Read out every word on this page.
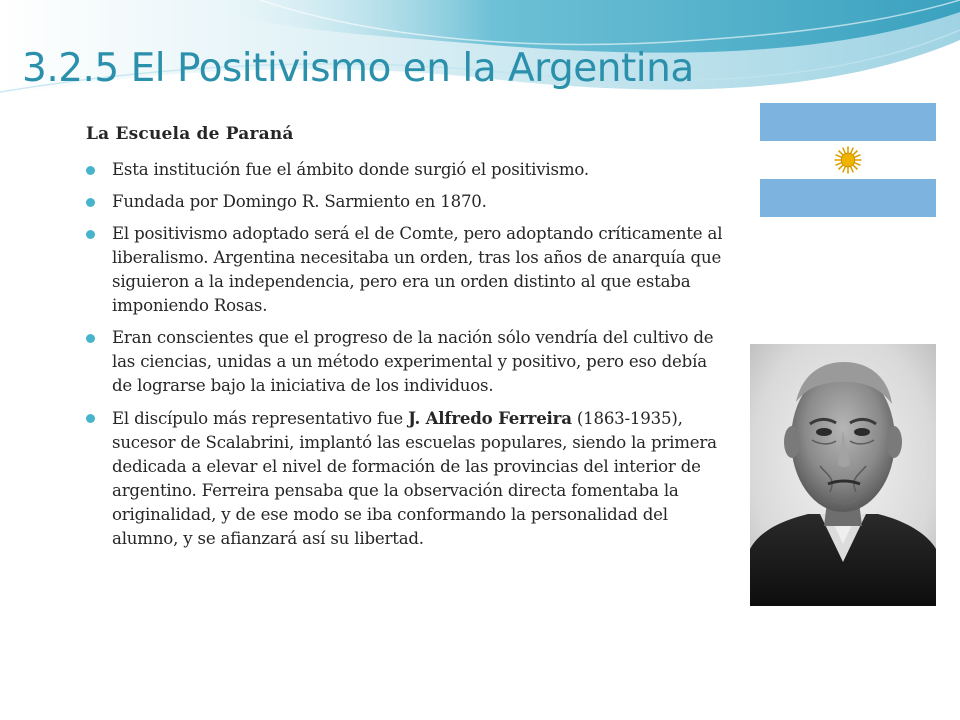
3.2.5 El Positivismo en la Argentina

La Escuela de Paraná

Esta institución fue el ámbito donde surgió el positivismo.
Fundada por Domingo R. Sarmiento en 1870.
El positivismo adoptado será el de Comte, pero adoptando críticamente al liberalismo. Argentina necesitaba un orden, tras los años de anarquía que siguieron a la independencia, pero era un orden distinto al que estaba imponiendo Rosas.
Eran conscientes que el progreso de la nación sólo vendría del cultivo de las ciencias, unidas a un método experimental y positivo, pero eso debía de lograrse bajo la iniciativa de los individuos.
El discípulo más representativo fue J. Alfredo Ferreira (1863-1935), sucesor de Scalabrini, implantó las escuelas populares, siendo la primera dedicada a elevar el nivel de formación de las provincias del interior de argentino. Ferreira pensaba que la observación directa fomentaba la originalidad, y de ese modo se iba conformando la personalidad del alumno, y se afianzará así su libertad.
